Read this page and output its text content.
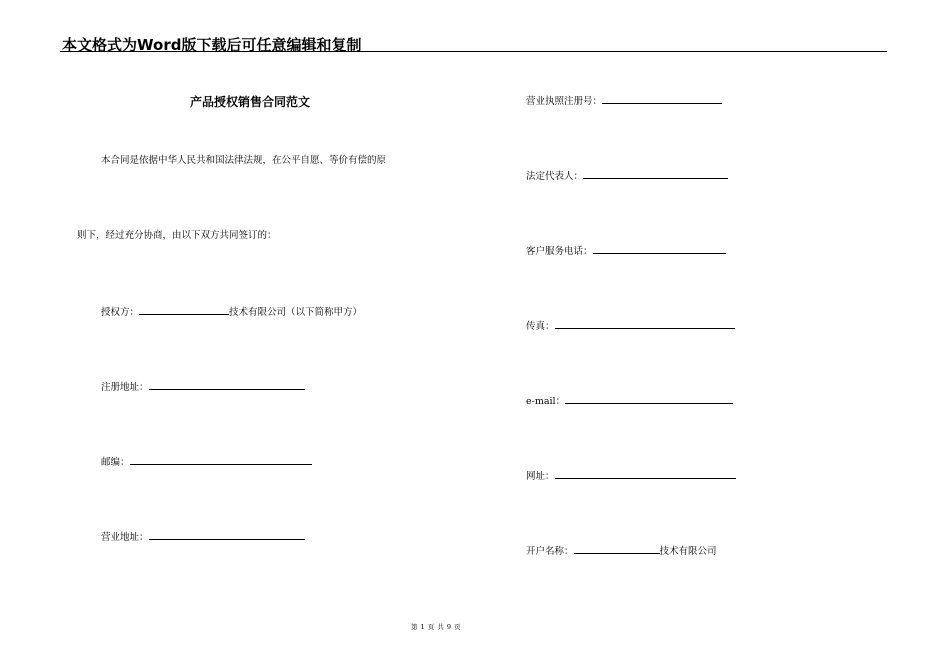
本文格式为Word版下载后可任意编辑和复制
产品授权销售合同范文
本合同是依据中华人民共和国法律法规，在公平自愿、等价有偿的原
则下，经过充分协商，由以下双方共同签订的：
授权方：	技术有限公司（以下简称甲方）
注册地址：
邮编：
营业地址：
营业执照注册号：
法定代表人：
客户服务电话：
传真：
e-mail：
网址：
开户名称：	技术有限公司
第 1 页 共 9 页
